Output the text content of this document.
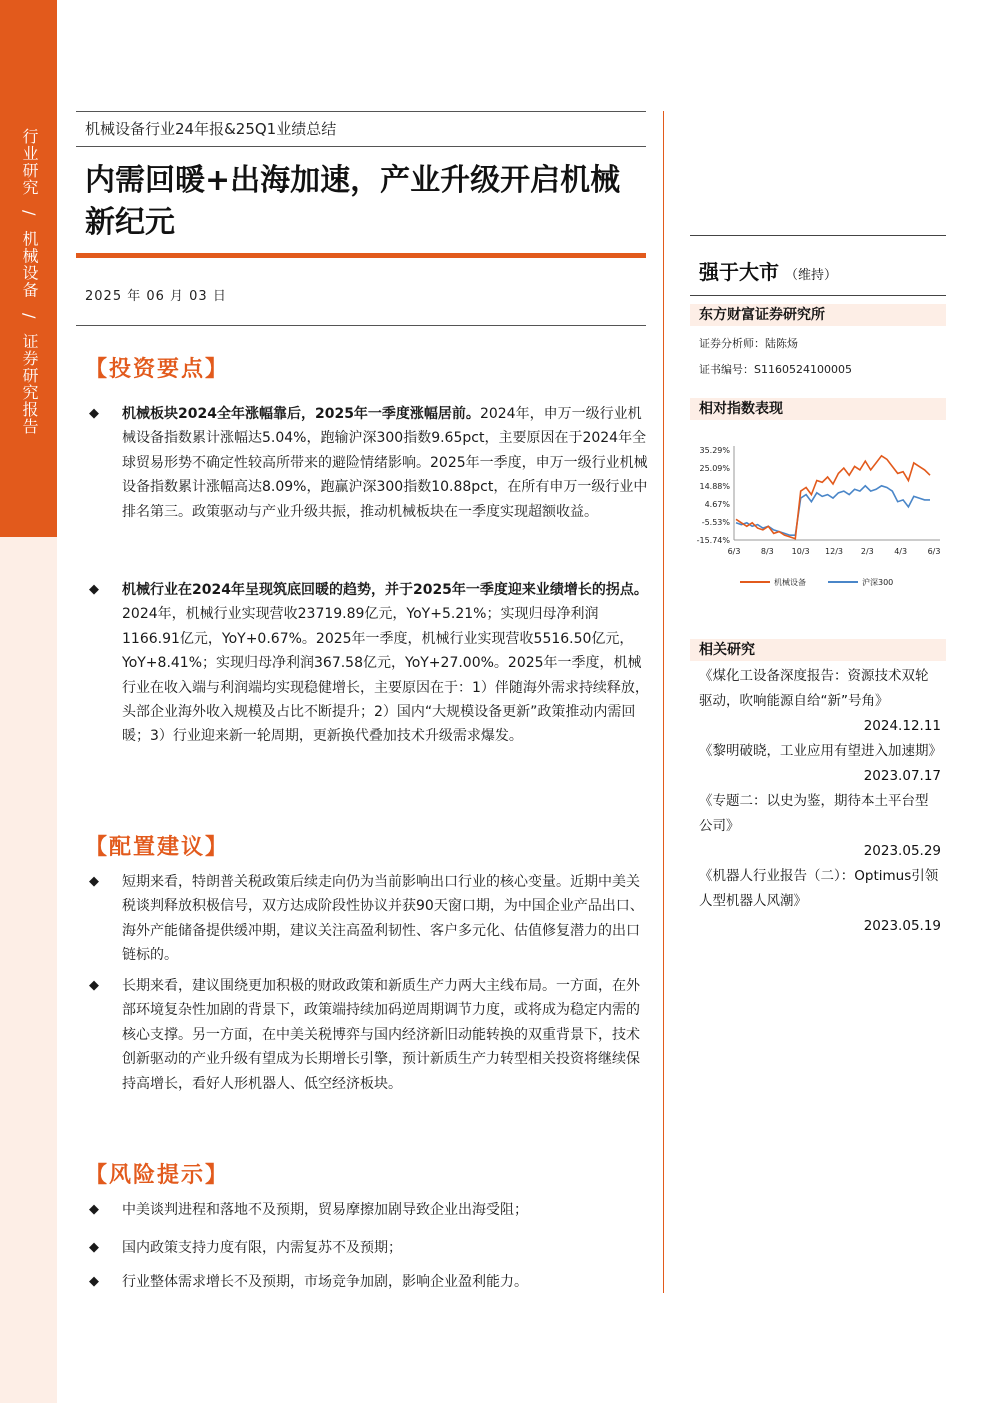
行业研究 / 机械设备 / 证券研究报告
机械设备行业24年报&25Q1业绩总结
内需回暖+出海加速，产业升级开启机械新纪元
2025 年 06 月 03 日
【投资要点】
◆ 机械板块2024全年涨幅靠后，2025年一季度涨幅居前。2024年，申万一级行业机械设备指数累计涨幅达5.04%，跑输沪深300指数9.65pct，主要原因在于2024年全球贸易形势不确定性较高所带来的避险情绪影响。2025年一季度，申万一级行业机械设备指数累计涨幅高达8.09%，跑赢沪深300指数10.88pct，在所有申万一级行业中排名第三。政策驱动与产业升级共振，推动机械板块在一季度实现超额收益。
◆ 机械行业在2024年呈现筑底回暖的趋势，并于2025年一季度迎来业绩增长的拐点。2024年，机械行业实现营收23719.89亿元，YoY+5.21%；实现归母净利润1166.91亿元，YoY+0.67%。2025年一季度，机械行业实现营收5516.50亿元，YoY+8.41%；实现归母净利润367.58亿元，YoY+27.00%。2025年一季度，机械行业在收入端与利润端均实现稳健增长，主要原因在于：1）伴随海外需求持续释放，头部企业海外收入规模及占比不断提升；2）国内“大规模设备更新”政策推动内需回暖；3）行业迎来新一轮周期，更新换代叠加技术升级需求爆发。
【配置建议】
◆ 短期来看，特朗普关税政策后续走向仍为当前影响出口行业的核心变量。近期中美关税谈判释放积极信号，双方达成阶段性协议并获90天窗口期，为中国企业产品出口、海外产能储备提供缓冲期，建议关注高盈利韧性、客户多元化、估值修复潜力的出口链标的。
◆ 长期来看，建议围绕更加积极的财政政策和新质生产力两大主线布局。一方面，在外部环境复杂性加剧的背景下，政策端持续加码逆周期调节力度，或将成为稳定内需的核心支撑。另一方面，在中美关税博弈与国内经济新旧动能转换的双重背景下，技术创新驱动的产业升级有望成为长期增长引擎，预计新质生产力转型相关投资将继续保持高增长，看好人形机器人、低空经济板块。
【风险提示】
◆ 中美谈判进程和落地不及预期，贸易摩擦加剧导致企业出海受阻；
◆ 国内政策支持力度有限，内需复苏不及预期；
◆ 行业整体需求增长不及预期，市场竞争加剧，影响企业盈利能力。
强于大市 （维持）
东方财富证券研究所
证券分析师：陆陈炀
证书编号：S1160524100005
相对指数表现
35.29%
25.09%
14.88%
4.67%
-5.53%
-15.74%
6/3	8/3 10/3 12/3 2/3	4/3	6/3
机械设备	沪深300
相关研究
《煤化工设备深度报告：资源技术双轮驱动，吹响能源自给“新”号角》
2024.12.11
《黎明破晓，工业应用有望进入加速期》
2023.07.17
《专题二：以史为鉴，期待本土平台型公司》
2023.05.29
《机器人行业报告（二）：Optimus引领人型机器人风潮》
2023.05.19
